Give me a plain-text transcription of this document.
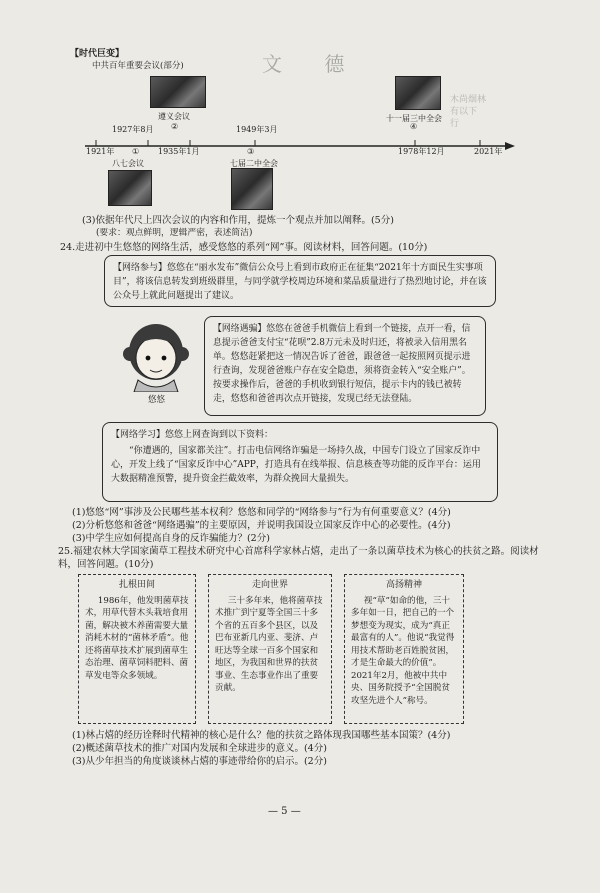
文 德
木尚烟林
有以下
行
【时代巨变】
中共百年重要会议(部分)
1921年
1927年8月
1935年1月
1949年3月
1978年12月	2021年
①
②
③
④
遵义会议	十一届三中全会
八七会议	七届二中全会
(3)依据年代尺上四次会议的内容和作用，提炼一个观点并加以阐释。(5分)
(要求：观点鲜明，逻辑严密，表述简洁)
24.走进初中生悠悠的网络生活，感受悠悠的系列“网”事。阅读材料，回答问题。(10分)
【网络参与】悠悠在“丽水发布”微信公众号上看到市政府正在征集“2021年十方面民生实事项目”，将该信息转发到班级群里，与同学就学校周边环境和菜品质量进行了热烈地讨论，并在该公众号上就此问题提出了建议。
悠悠
【网络遇骗】悠悠在爸爸手机微信上看到一个链接，点开一看，信息提示爸爸支付宝“花呗”2.8万元未及时归还，将被录入信用黑名单。悠悠赶紧把这一情况告诉了爸爸，跟爸爸一起按照网页提示进行查询，发现爸爸账户存在安全隐患，须将资金转入“安全账户”。按要求操作后，爸爸的手机收到银行短信，提示卡内的钱已被转走，悠悠和爸爸再次点开链接，发现已经无法登陆。
【网络学习】悠悠上网查询到以下资料：
“你遭遇的，国家都关注”。打击电信网络诈骗是一场持久战，中国专门设立了国家反诈中心，开发上线了“国家反诈中心”APP，打造具有在线举报、信息核查等功能的反诈平台：运用大数据精准预警，提升资金拦截效率，为群众挽回大量损失。
(1)悠悠“网”事涉及公民哪些基本权利？悠悠和同学的“网络参与”行为有何重要意义？(4分)
(2)分析悠悠和爸爸“网络遇骗”的主要原因，并说明我国设立国家反诈中心的必要性。(4分)
(3)中学生应如何提高自身的反诈骗能力？(2分)
25.福建农林大学国家菌草工程技术研究中心首席科学家林占熺，走出了一条以菌草技术为核心的扶贫之路。阅读材料，回答问题。(10分)
扎根田间
1986年，他发明菌草技术，用草代替木头栽培食用菌，解决被木养菌需要大量消耗木材的“菌林矛盾”。他还将菌草技术扩展到菌草生态治理、菌草饲料肥料、菌草发电等众多领域。
走向世界
三十多年来，他将菌草技术推广到宁夏等全国三十多个省的五百多个县区，以及巴布亚新几内亚、斐济、卢旺达等全球一百多个国家和地区，为我国和世界的扶贫事业、生态事业作出了重要贡献。
高扬精神
视“草”如命的他，三十多年如一日，把自己的一个梦想变为现实，成为“真正最富有的人”。他说“我觉得用技术帮助老百姓脱贫困，才是生命最大的价值”。2021年2月，他被中共中央、国务院授予“全国脱贫攻坚先进个人”称号。
(1)林占熺的经历诠释时代精神的核心是什么？他的扶贫之路体现我国哪些基本国策？(4分)
(2)概述菌草技术的推广对国内发展和全球进步的意义。(4分)
(3)从少年担当的角度谈谈林占熺的事迹带给你的启示。(2分)
— 5 —
